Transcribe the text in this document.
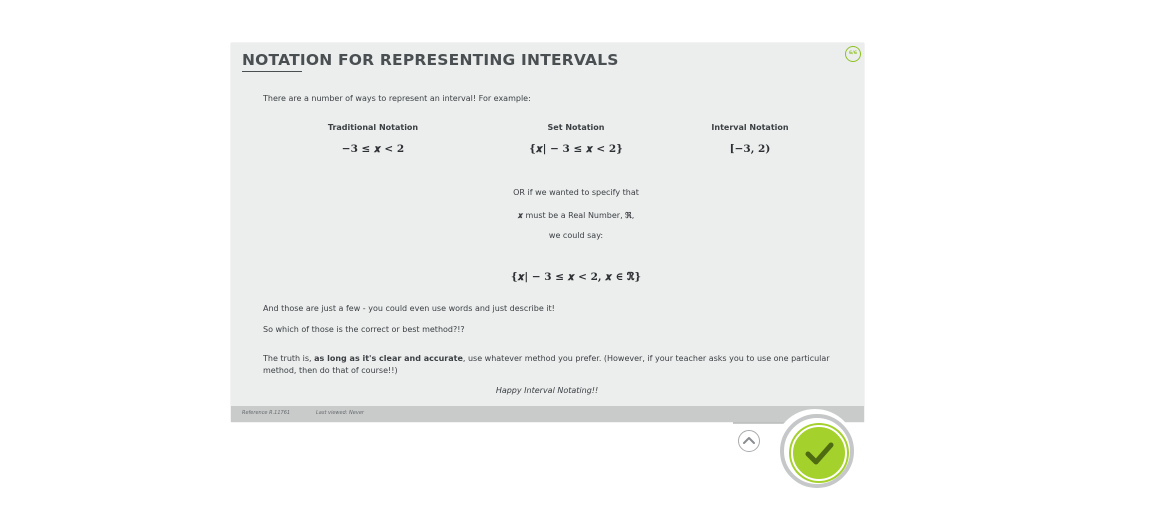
NOTATION FOR REPRESENTING INTERVALS	6/6
There are a number of ways to represent an interval! For example:
Traditional Notation	Set Notation	Interval Notation
−3 ≤ 𝒙 < 2	{𝒙| − 3 ≤ 𝒙 < 2}	[−3, 2)
OR if we wanted to specify that
𝒙 must be a Real Number, ℜ,
we could say:
{𝒙| − 3 ≤ 𝒙 < 2, 𝒙 ∈ ℜ}
And those are just a few - you could even use words and just describe it!
So which of those is the correct or best method?!?
The truth is, as long as it's clear and accurate, use whatever method you prefer. (However, if your teacher asks you to use one particular
method, then do that of course!!)
Happy Interval Notating!!
Reference R.11761	Last viewed: Never
